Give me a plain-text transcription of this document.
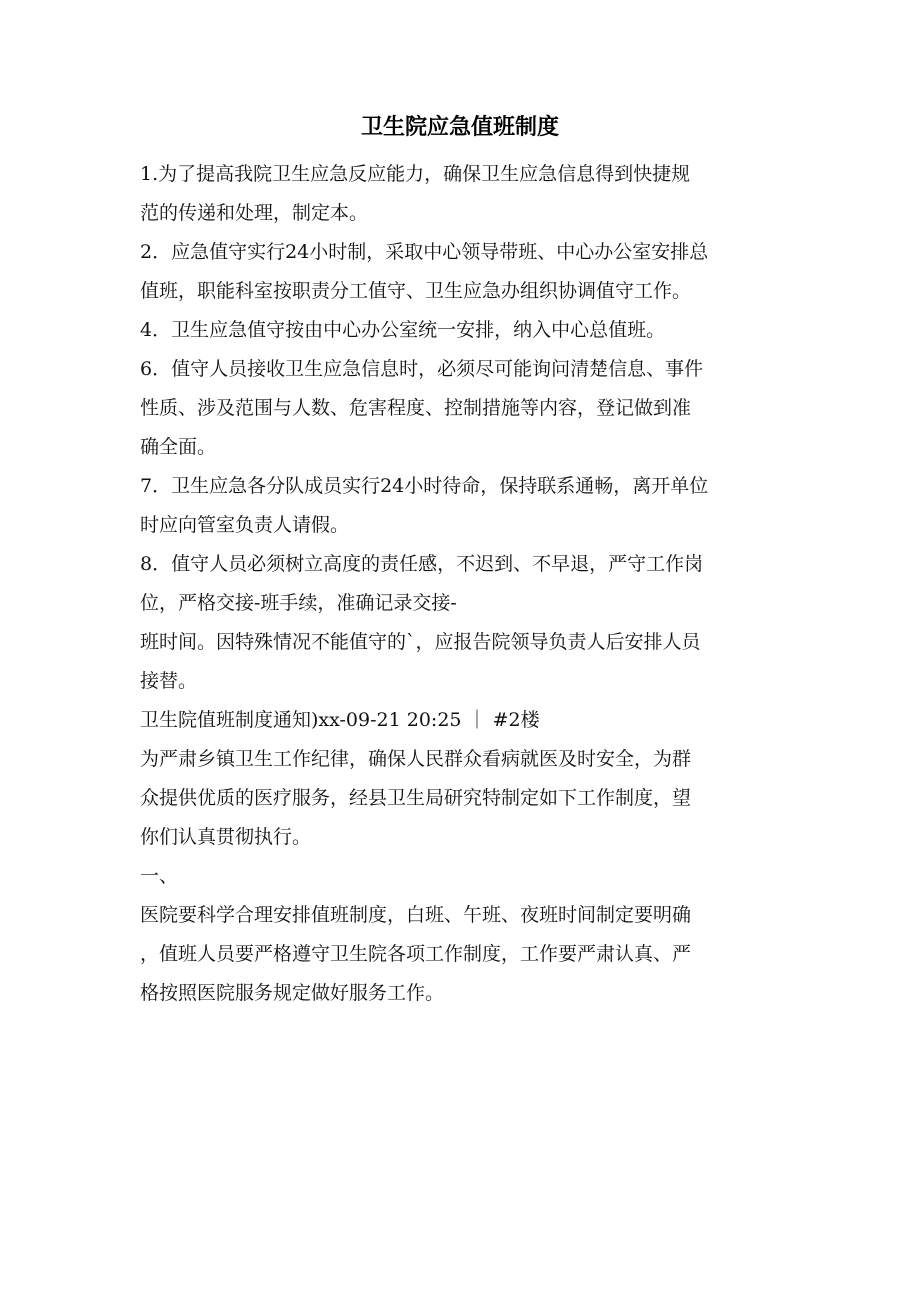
卫生院应急值班制度
1.为了提高我院卫生应急反应能力，确保卫生应急信息得到快捷规
范的传递和处理，制定本。
2．应急值守实行24小时制，采取中心领导带班、中心办公室安排总
值班，职能科室按职责分工值守、卫生应急办组织协调值守工作。
4．卫生应急值守按由中心办公室统一安排，纳入中心总值班。
6．值守人员接收卫生应急信息时，必须尽可能询问清楚信息、事件
性质、涉及范围与人数、危害程度、控制措施等内容，登记做到准
确全面。
7．卫生应急各分队成员实行24小时待命，保持联系通畅，离开单位
时应向管室负责人请假。
8．值守人员必须树立高度的责任感，不迟到、不早退，严守工作岗
位，严格交接-班手续，准确记录交接-
班时间。因特殊情况不能值守的`，应报告院领导负责人后安排人员
接替。
卫生院值班制度通知)xx-09-21 20:25 ｜ #2楼
为严肃乡镇卫生工作纪律，确保人民群众看病就医及时安全，为群
众提供优质的医疗服务，经县卫生局研究特制定如下工作制度，望
你们认真贯彻执行。
一、
医院要科学合理安排值班制度，白班、午班、夜班时间制定要明确
，值班人员要严格遵守卫生院各项工作制度，工作要严肃认真、严
格按照医院服务规定做好服务工作。
